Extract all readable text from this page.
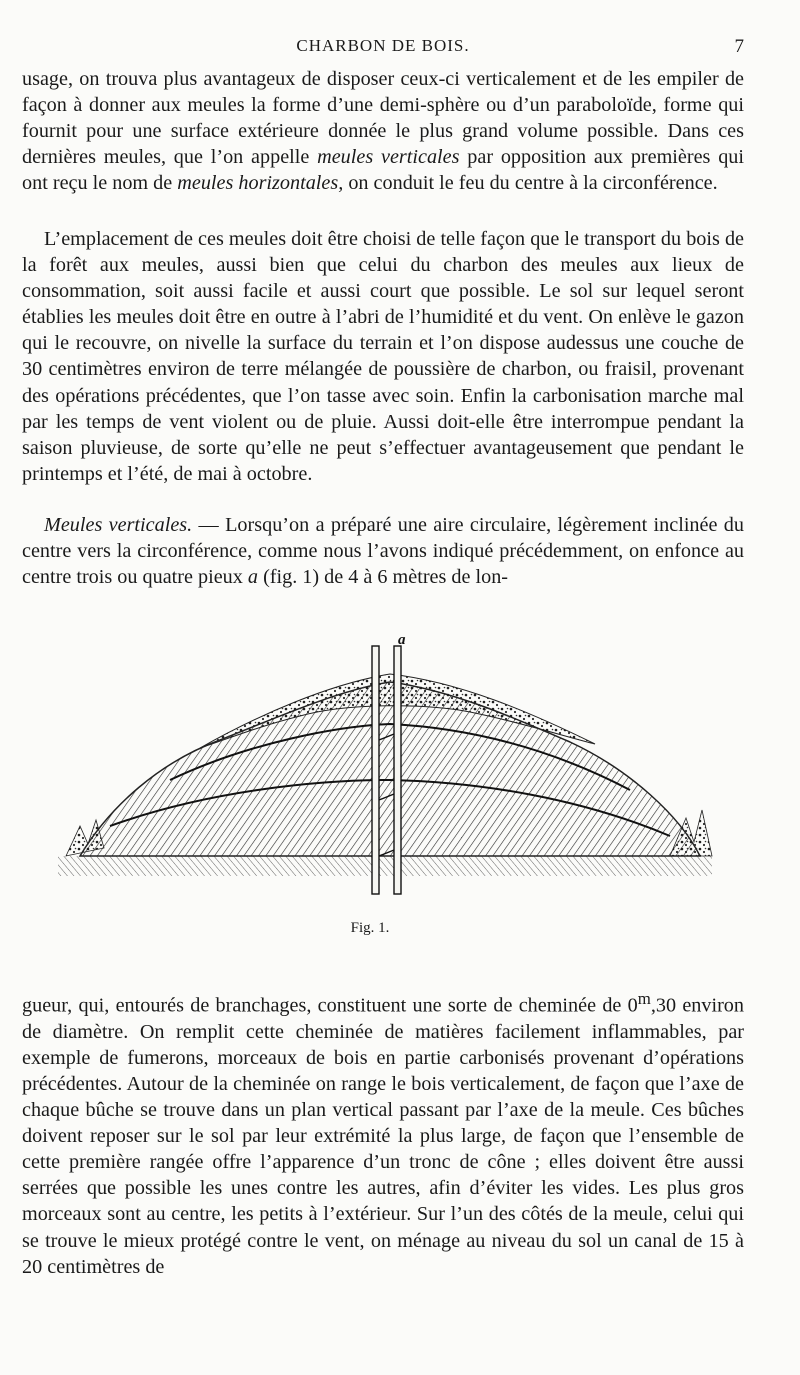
CHARBON DE BOIS.	7

usage, on trouva plus avantageux de disposer ceux-ci verticalement et de les empiler de façon à donner aux meules la forme d’une demi-sphère ou d’un paraboloïde, forme qui fournit pour une surface extérieure donnée le plus grand volume possible. Dans ces dernières meules, que l’on appelle meules verticales par opposition aux premières qui ont reçu le nom de meules horizontales, on conduit le feu du centre à la circonférence.

L’emplacement de ces meules doit être choisi de telle façon que le transport du bois de la forêt aux meules, aussi bien que celui du charbon des meules aux lieux de consommation, soit aussi facile et aussi court que possible. Le sol sur lequel seront établies les meules doit être en outre à l’abri de l’humidité et du vent. On enlève le gazon qui le recouvre, on nivelle la surface du terrain et l’on dispose audessus une couche de 30 centimètres environ de terre mélangée de poussière de charbon, ou fraisil, provenant des opérations précédentes, que l’on tasse avec soin. Enfin la carbonisation marche mal par les temps de vent violent ou de pluie. Aussi doit-elle être interrompue pendant la saison pluvieuse, de sorte qu’elle ne peut s’effectuer avantageusement que pendant le printemps et l’été, de mai à octobre.

Meules verticales. — Lorsqu’on a préparé une aire circulaire, légèrement inclinée du centre vers la circonférence, comme nous l’avons indiqué précédemment, on enfonce au centre trois ou quatre pieux a (fig. 1) de 4 à 6 mètres de lon-

a
Fig. 1.

gueur, qui, entourés de branchages, constituent une sorte de cheminée de 0$^m$,30 environ de diamètre. On remplit cette cheminée de matières facilement inflammables, par exemple de fumerons, morceaux de bois en partie carbonisés provenant d’opérations précédentes. Autour de la cheminée on range le bois verticalement, de façon que l’axe de chaque bûche se trouve dans un plan vertical passant par l’axe de la meule. Ces bûches doivent reposer sur le sol par leur extrémité la plus large, de façon que l’ensemble de cette première rangée offre l’apparence d’un tronc de cône ; elles doivent être aussi serrées que possible les unes contre les autres, afin d’éviter les vides. Les plus gros morceaux sont au centre, les petits à l’extérieur. Sur l’un des côtés de la meule, celui qui se trouve le mieux protégé contre le vent, on ménage au niveau du sol un canal de 15 à 20 centimètres de
